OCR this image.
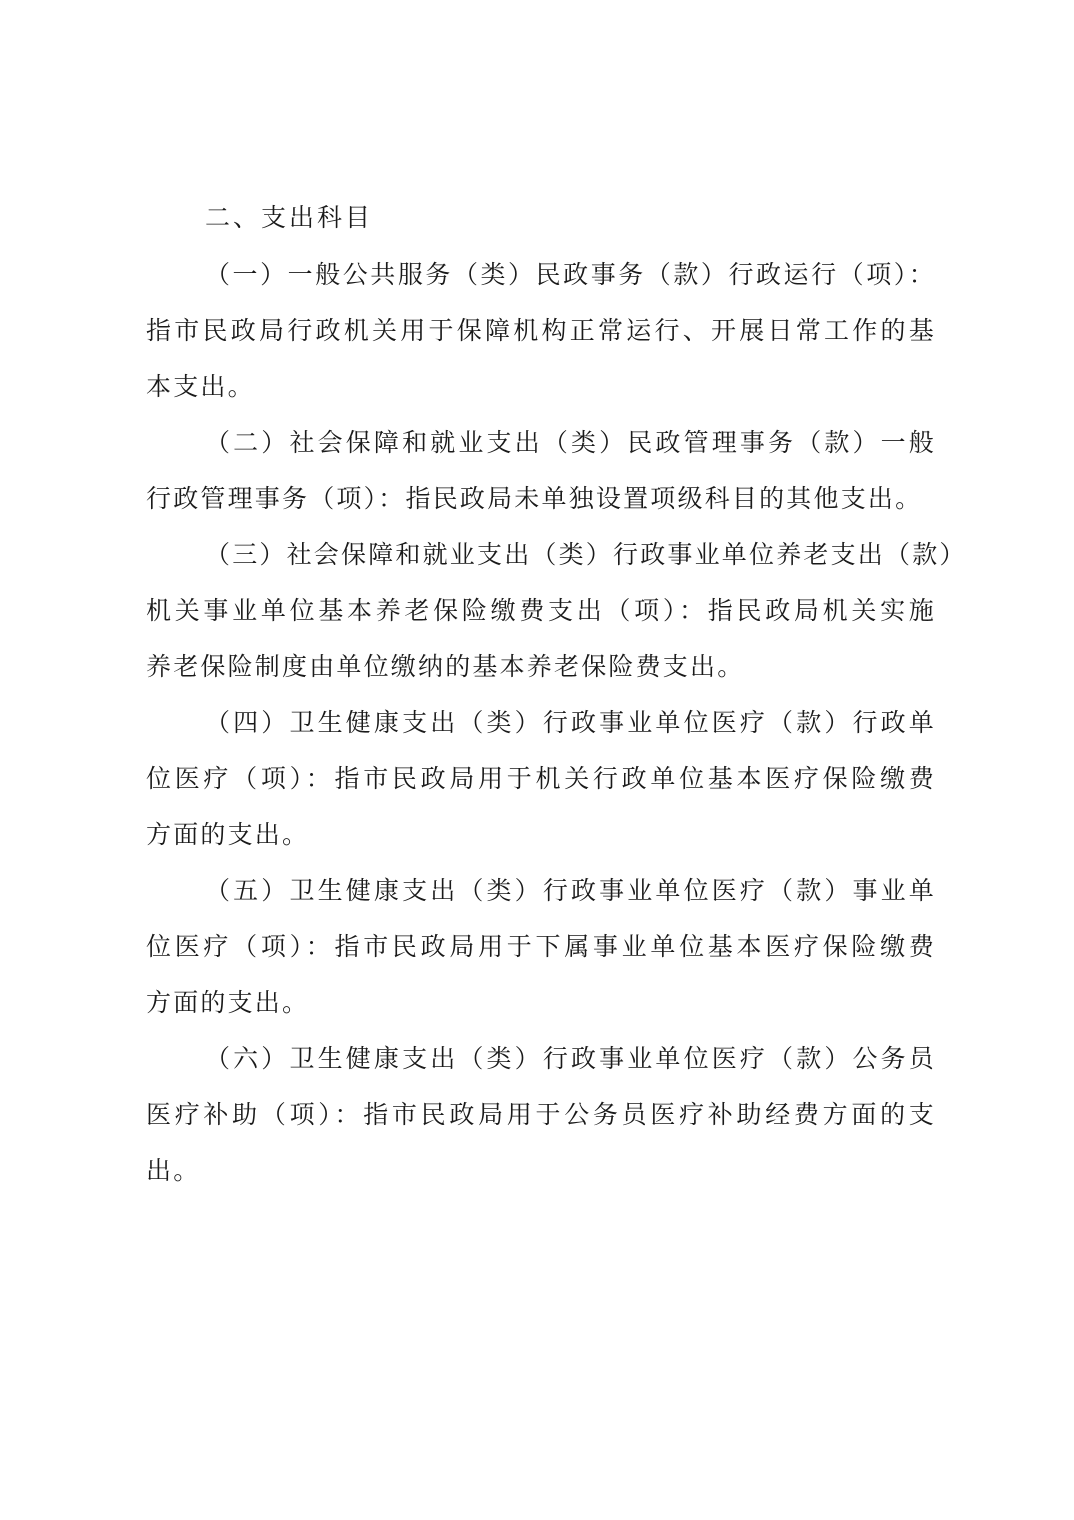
二、支出科目
（一）一般公共服务（类）民政事务（款）行政运行（项）：
指市民政局行政机关用于保障机构正常运行、开展日常工作的基
本支出。
（二）社会保障和就业支出（类）民政管理事务（款）一般
行政管理事务（项）：指民政局未单独设置项级科目的其他支出。
（三）社会保障和就业支出（类）行政事业单位养老支出（款）
机关事业单位基本养老保险缴费支出（项）：指民政局机关实施
养老保险制度由单位缴纳的基本养老保险费支出。
（四）卫生健康支出（类）行政事业单位医疗（款）行政单
位医疗（项）：指市民政局用于机关行政单位基本医疗保险缴费
方面的支出。
（五）卫生健康支出（类）行政事业单位医疗（款）事业单
位医疗（项）：指市民政局用于下属事业单位基本医疗保险缴费
方面的支出。
（六）卫生健康支出（类）行政事业单位医疗（款）公务员
医疗补助（项）：指市民政局用于公务员医疗补助经费方面的支
出。
